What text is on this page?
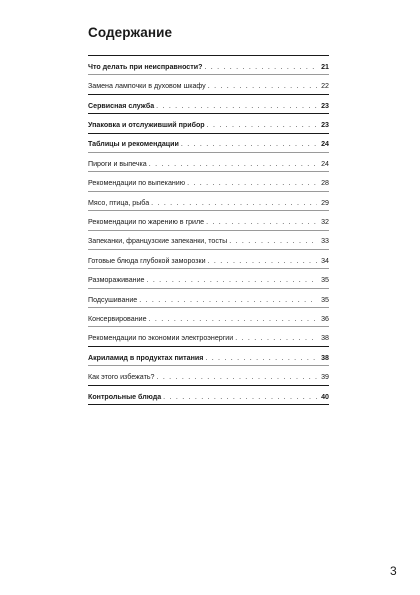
Содержание
Что делать при неисправности? . . .	21
Замена лампочки в духовом шкафу . . .	22
Сервисная служба . . .	23
Упаковка и отслуживший прибор . . .	23
Таблицы и рекомендации . . .	24
Пироги и выпечка . . .	24
Рекомендации по выпеканию . . .	28
Мясо, птица, рыба . . .	29
Рекомендации по жарению в гриле . . .	32
Запеканки, французские запеканки, тосты . . .	33
Готовые блюда глубокой заморозки . . .	34
Размораживание . . .	35
Подсушивание . . .	35
Консервирование . . .	36
Рекомендации по экономии электроэнергии . . .	38
Акриламид в продуктах питания . . .	38
Как этого избежать? . . .	39
Контрольные блюда . . .	40
3
